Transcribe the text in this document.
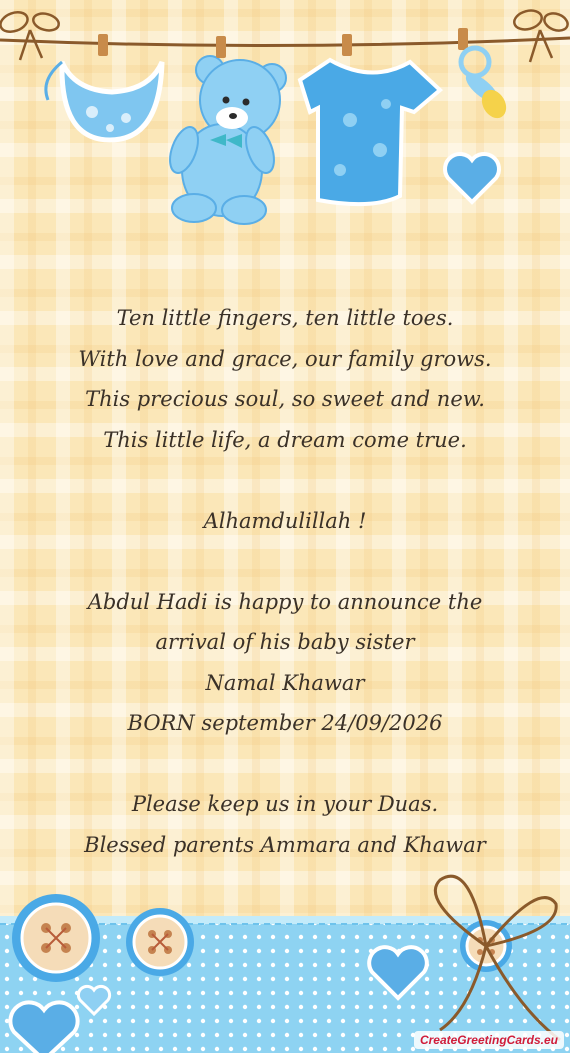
Ten little fingers, ten little toes.
With love and grace, our family grows.
This precious soul, so sweet and new.
This little life, a dream come true.
Alhamdulillah !
Abdul Hadi is happy to announce the
arrival of his baby sister
Namal Khawar
BORN september 24/09/2026
Please keep us in your Duas.
Blessed parents Ammara and Khawar
CreateGreetingCards.eu
